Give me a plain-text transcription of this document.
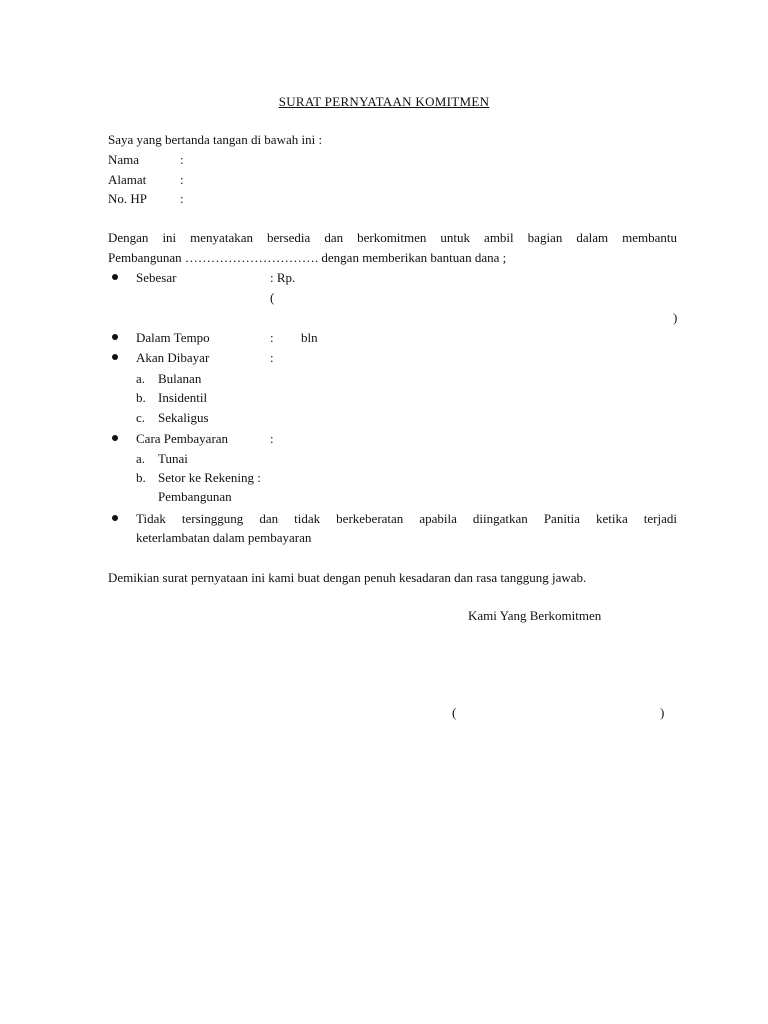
SURAT PERNYATAAN KOMITMEN
Saya yang bertanda tangan di bawah ini :
Nama	:
Alamat	:
No. HP	:
Dengan ini menyatakan bersedia dan berkomitmen untuk ambil bagian dalam membantu
Pembangunan …………………………. dengan memberikan bantuan dana ;
Sebesar	: Rp.
(
)
Dalam Tempo	: bln
Akan Dibayar	:
a. Bulanan
b. Insidentil
c. Sekaligus
Cara Pembayaran	:
a. Tunai
b. Setor ke Rekening :
Pembangunan
Tidak tersinggung dan tidak berkeberatan apabila diingatkan Panitia ketika terjadi
keterlambatan dalam pembayaran
Demikian surat pernyataan ini kami buat dengan penuh kesadaran dan rasa tanggung jawab.
Kami Yang Berkomitmen
(	)
